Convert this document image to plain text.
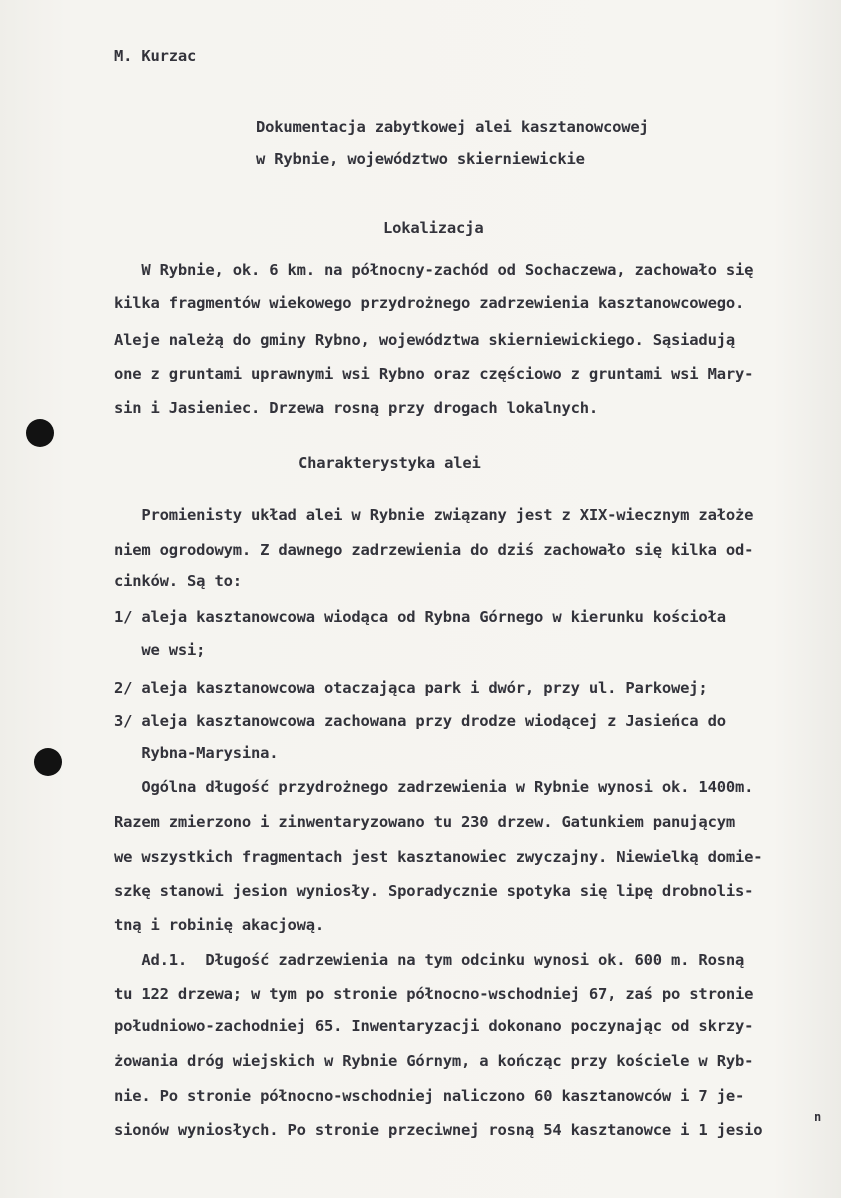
M. Kurzac
Dokumentacja zabytkowej alei kasztanowcowej
w Rybnie, województwo skierniewickie
Lokalizacja
W Rybnie, ok. 6 km. na północny-zachód od Sochaczewa, zachowało się
kilka fragmentów wiekowego przydrożnego zadrzewienia kasztanowcowego.
Aleje należą do gminy Rybno, województwa skierniewickiego. Sąsiadują
one z gruntami uprawnymi wsi Rybno oraz częściowo z gruntami wsi Mary-
sin i Jasieniec. Drzewa rosną przy drogach lokalnych.
Charakterystyka alei
Promienisty układ alei w Rybnie związany jest z XIX-wiecznym założe
niem ogrodowym. Z dawnego zadrzewienia do dziś zachowało się kilka od-
cinków. Są to:
1/ aleja kasztanowcowa wiodąca od Rybna Górnego w kierunku kościoła
we wsi;
2/ aleja kasztanowcowa otaczająca park i dwór, przy ul. Parkowej;
3/ aleja kasztanowcowa zachowana przy drodze wiodącej z Jasieńca do
Rybna-Marysina.
Ogólna długość przydrożnego zadrzewienia w Rybnie wynosi ok. 1400m.
Razem zmierzono i zinwentaryzowano tu 230 drzew. Gatunkiem panującym
we wszystkich fragmentach jest kasztanowiec zwyczajny. Niewielką domie-
szkę stanowi jesion wyniosły. Sporadycznie spotyka się lipę drobnolis-
tną i robinię akacjową.
Ad.1.  Długość zadrzewienia na tym odcinku wynosi ok. 600 m. Rosną
tu 122 drzewa; w tym po stronie północno-wschodniej 67, zaś po stronie
południowo-zachodniej 65. Inwentaryzacji dokonano poczynając od skrzy-
żowania dróg wiejskich w Rybnie Górnym, a kończąc przy kościele w Ryb-
nie. Po stronie północno-wschodniej naliczono 60 kasztanowców i 7 je-
sionów wyniosłych. Po stronie przeciwnej rosną 54 kasztanowce i 1 jesio
n
